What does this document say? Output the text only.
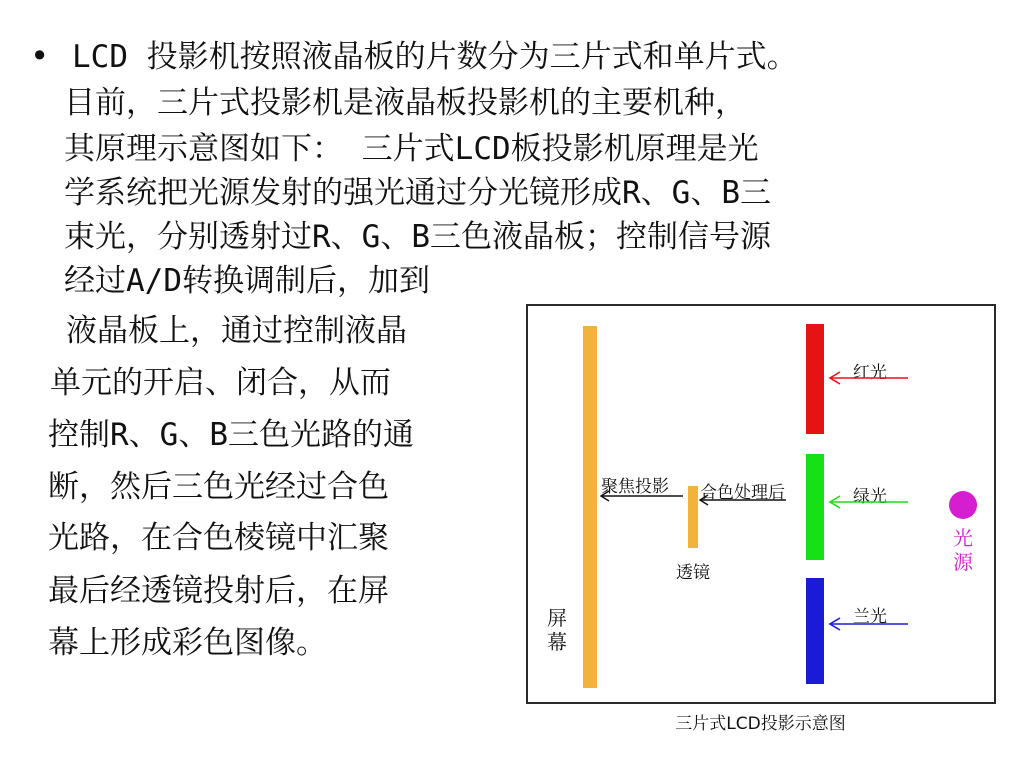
• LCD 投影机按照液晶板的片数分为三片式和单片式。
目前，三片式投影机是液晶板投影机的主要机种，
其原理示意图如下： 三片式LCD板投影机原理是光
学系统把光源发射的强光通过分光镜形成R、G、B三
束光，分别透射过R、G、B三色液晶板；控制信号源
经过A/D转换调制后，加到
液晶板上，通过控制液晶
单元的开启、闭合，从而
控制R、G、B三色光路的通
断，然后三色光经过合色
光路，在合色棱镜中汇聚
最后经透镜投射后，在屏
幕上形成彩色图像。
屏幕
透镜
聚焦投影 合色处理后
红光
绿光
兰光
光源
三片式LCD投影示意图
